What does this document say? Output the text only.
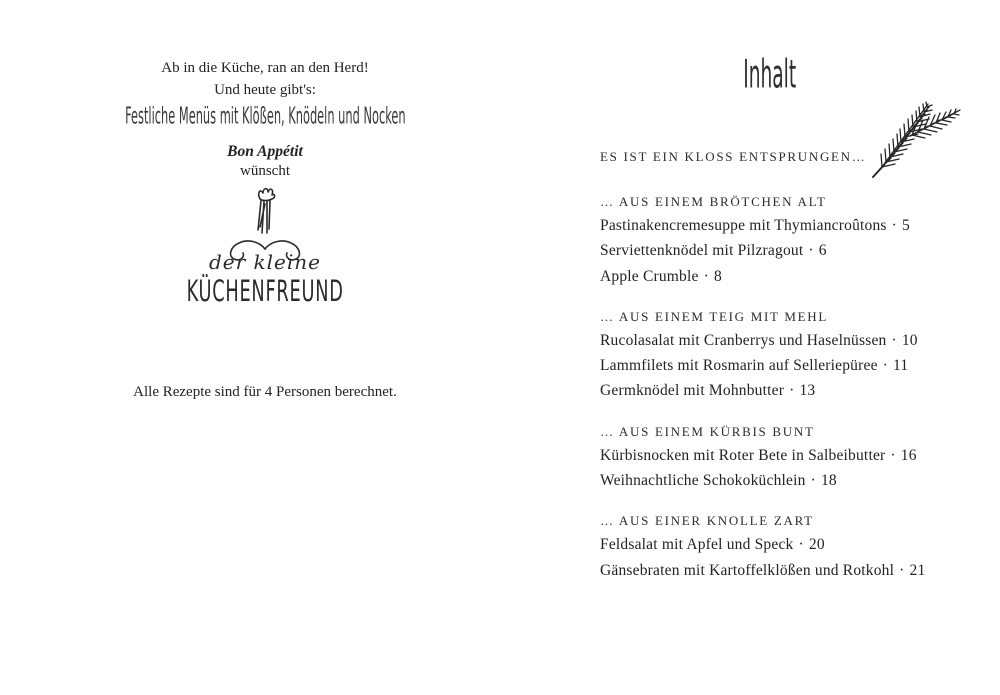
Ab in die Küche, ran an den Herd!
Und heute gibt's:
Festliche Menüs mit Klößen, Knödeln und Nocken
Bon Appétit
wünscht
der kleine
KÜCHENFREUND
Alle Rezepte sind für 4 Personen berechnet.
Inhalt
ES IST EIN KLOSS ENTSPRUNGEN…
… AUS EINEM BRÖTCHEN ALT
Pastinakencremesuppe mit Thymiancroûtons · 5
Serviettenknödel mit Pilzragout · 6
Apple Crumble · 8
… AUS EINEM TEIG MIT MEHL
Rucolasalat mit Cranberrys und Haselnüssen · 10
Lammfilets mit Rosmarin auf Selleriepüree · 11
Germknödel mit Mohnbutter · 13
… AUS EINEM KÜRBIS BUNT
Kürbisnocken mit Roter Bete in Salbeibutter · 16
Weihnachtliche Schokoküchlein · 18
… AUS EINER KNOLLE ZART
Feldsalat mit Apfel und Speck · 20
Gänsebraten mit Kartoffelklößen und Rotkohl · 21
